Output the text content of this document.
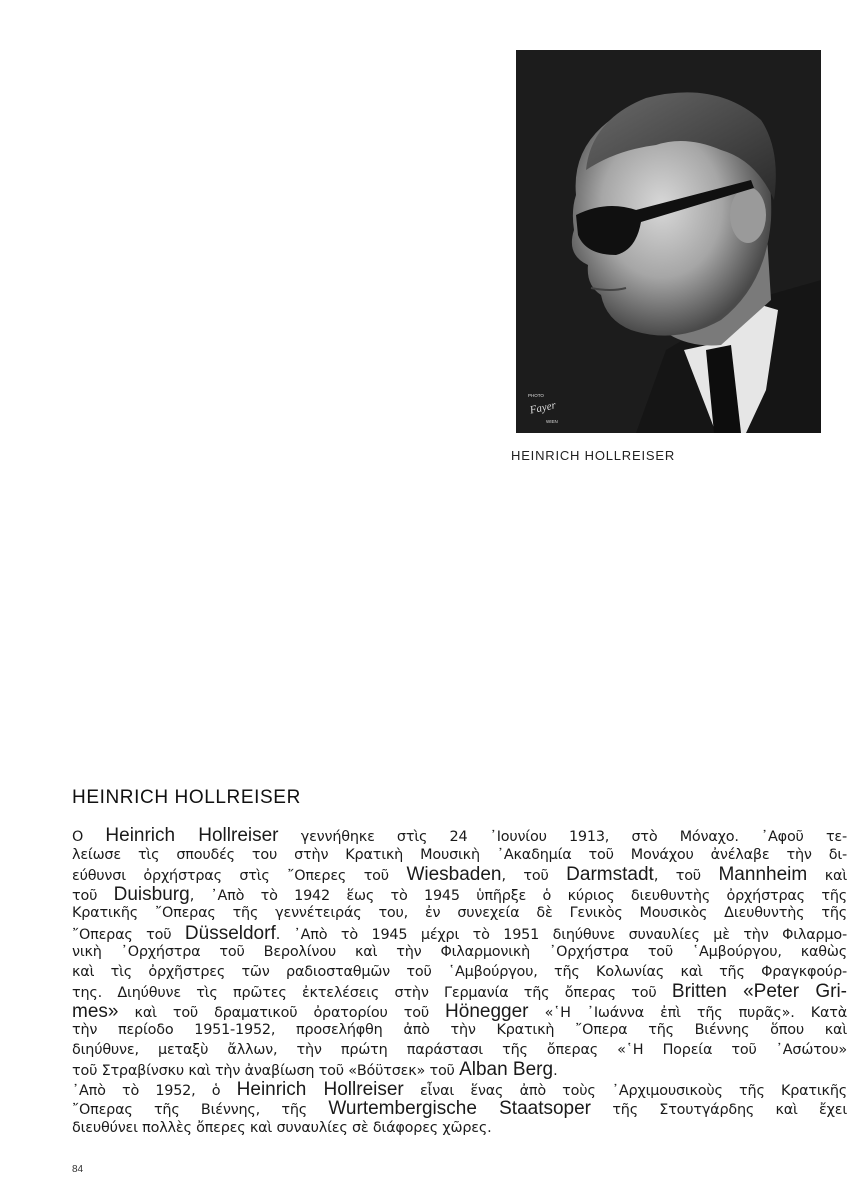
PHOTO
Fayer
WIEN
HEINRICH HOLLREISER
HEINRICH HOLLREISER
Ο Heinrich Hollreiser γεννήθηκε στὶς 24 ᾽Ιουνίου 1913, στὸ Μόναχο. ᾽Αφοῦ τε-
λείωσε τὶς σπουδές του στὴν Κρατικὴ Μουσικὴ ᾽Ακαδημία τοῦ Μονάχου ἀνέλαβε τὴν δι-
εύθυνσι ὀρχήστρας στὶς ῎Οπερες τοῦ Wiesbaden, τοῦ Darmstadt, τοῦ Mannheim καὶ
τοῦ Duisburg, ᾽Απὸ τὸ 1942 ἕως τὸ 1945 ὑπῆρξε ὁ κύριος διευθυντὴς ὀρχήστρας τῆς
Κρατικῆς ῎Οπερας τῆς γεννέτειράς του, ἐν συνεχεία δὲ Γενικὸς Μουσικὸς Διευθυντὴς τῆς
῎Οπερας τοῦ Düsseldorf. ᾽Απὸ τὸ 1945 μέχρι τὸ 1951 διηύθυνε συναυλίες μὲ τὴν Φιλαρμο-
νικὴ ᾽Ορχήστρα τοῦ Βερολίνου καὶ τὴν Φιλαρμονικὴ ᾽Ορχήστρα τοῦ ῾Αμβούργου, καθὼς
καὶ τὶς ὀρχῆστρες τῶν ραδιοσταθμῶν τοῦ ῾Αμβούργου, τῆς Κολωνίας καὶ τῆς Φραγκφούρ-
της. Διηύθυνε τὶς πρῶτες ἐκτελέσεις στὴν Γερμανία τῆς ὄπερας τοῦ Britten «Peter Gri-
mes» καὶ τοῦ δραματικοῦ ὀρατορίου τοῦ Hönegger «῾Η ᾽Ιωάννα ἐπὶ τῆς πυρᾶς». Κατὰ
τὴν περίοδο 1951-1952, προσελήφθη ἀπὸ τὴν Κρατικὴ ῎Οπερα τῆς Βιέννης ὅπου καὶ
διηύθυνε, μεταξὺ ἄλλων, τὴν πρώτη παράστασι τῆς ὄπερας «῾Η Πορεία τοῦ ᾽Ασώτου»
τοῦ Στραβίνσκυ καὶ τὴν ἀναβίωση τοῦ «Βόϋτσεκ» τοῦ Alban Berg.
᾽Απὸ τὸ 1952, ὁ Heinrich Hollreiser εἶναι ἕνας ἀπὸ τοὺς ᾽Αρχιμουσικοὺς τῆς Κρατικῆς
῎Οπερας τῆς Βιέννης, τῆς Wurtembergische Staatsoper τῆς Στουτγάρδης καὶ ἔχει
διευθύνει πολλὲς ὄπερες καὶ συναυλίες σὲ διάφορες χῶρες.
84
